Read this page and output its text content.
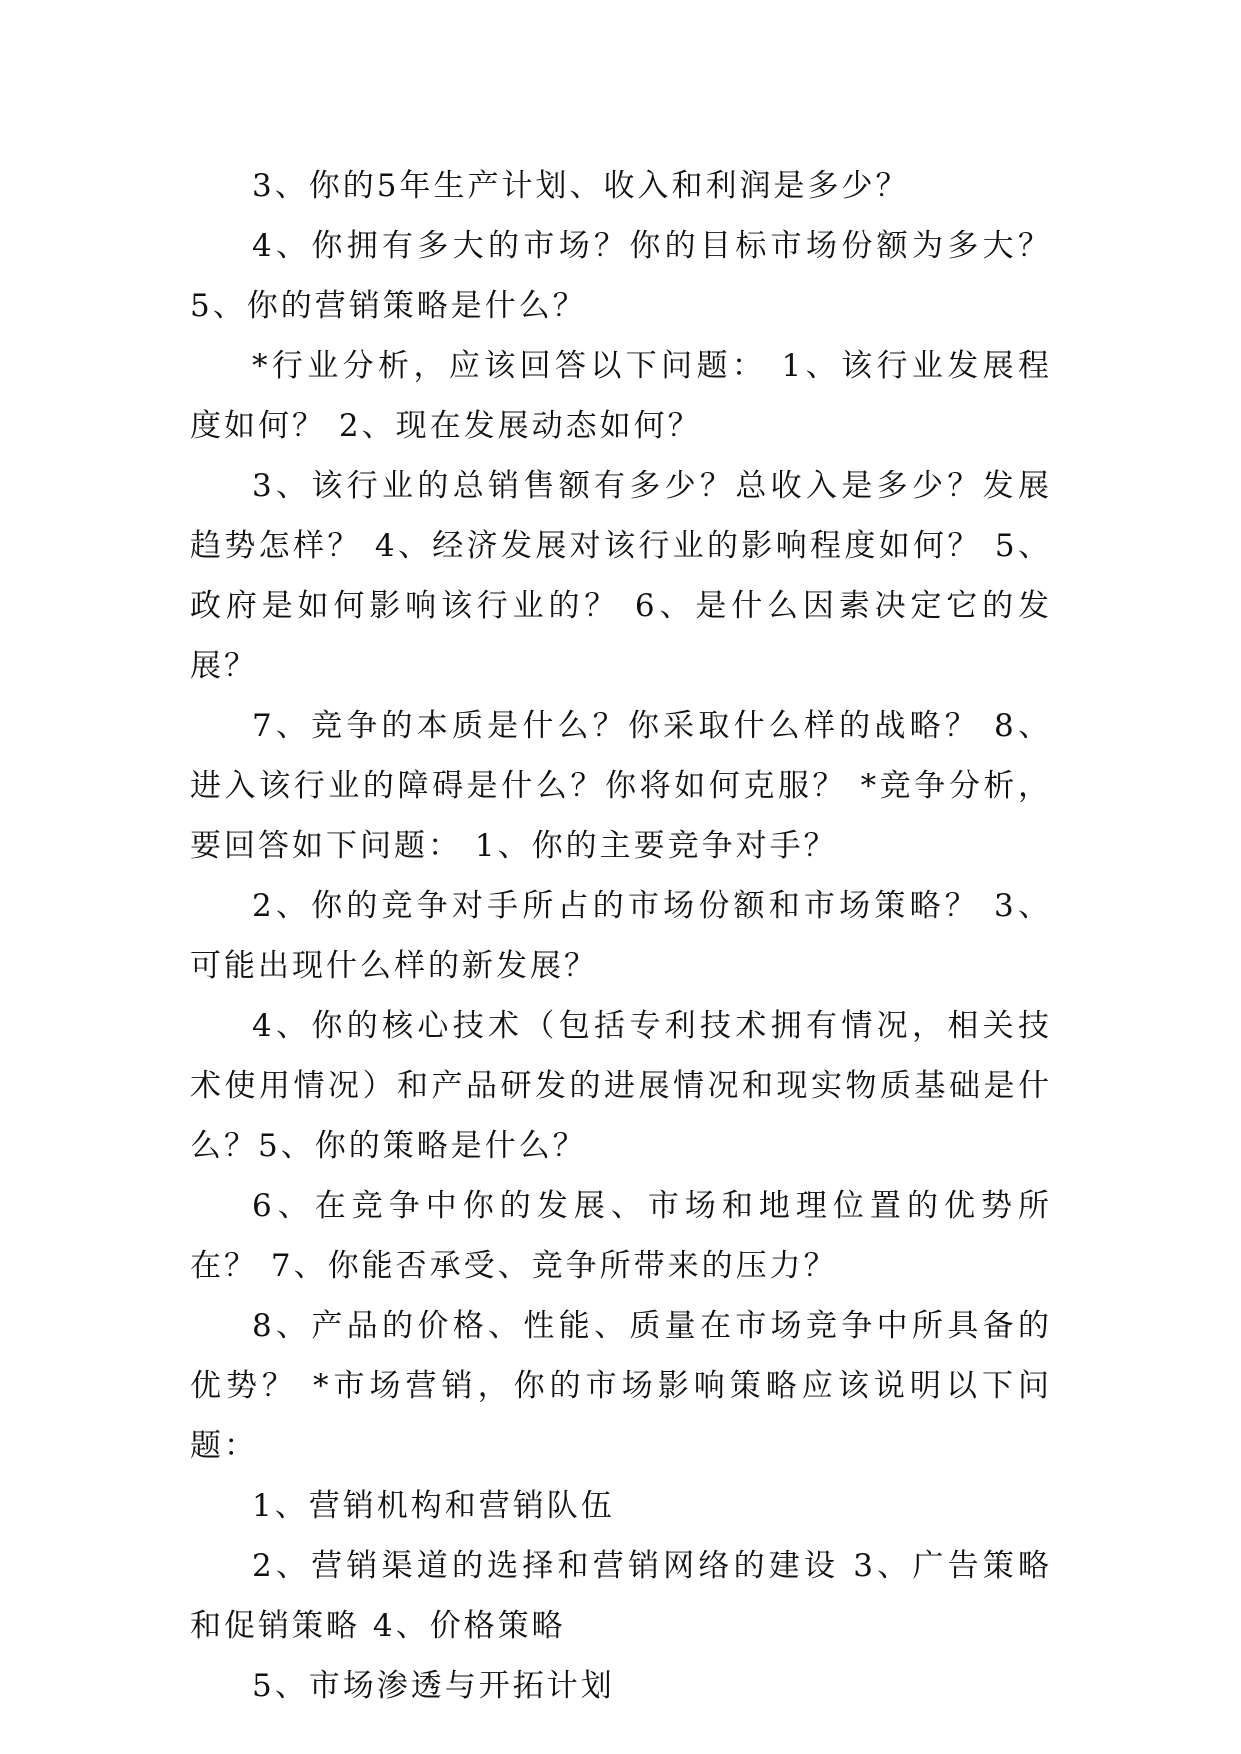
3、你的5年生产计划、收入和利润是多少？

4、你拥有多大的市场？你的目标市场份额为多大？ 5、你的营销策略是什么？

*行业分析，应该回答以下问题： 1、该行业发展程度如何？ 2、现在发展动态如何？

3、该行业的总销售额有多少？总收入是多少？发展趋势怎样？ 4、经济发展对该行业的影响程度如何？ 5、政府是如何影响该行业的？ 6、是什么因素决定它的发展？

7、竞争的本质是什么？你采取什么样的战略？ 8、进入该行业的障碍是什么？你将如何克服？ *竞争分析，要回答如下问题： 1、你的主要竞争对手？

2、你的竞争对手所占的市场份额和市场策略？ 3、可能出现什么样的新发展？

4、你的核心技术（包括专利技术拥有情况，相关技术使用情况）和产品研发的进展情况和现实物质基础是什么？5、你的策略是什么？

6、在竞争中你的发展、市场和地理位置的优势所在？ 7、你能否承受、竞争所带来的压力？

8、产品的价格、性能、质量在市场竞争中所具备的优势？ *市场营销，你的市场影响策略应该说明以下问题：

1、营销机构和营销队伍

2、营销渠道的选择和营销网络的建设 3、广告策略和促销策略 4、价格策略

5、市场渗透与开拓计划
